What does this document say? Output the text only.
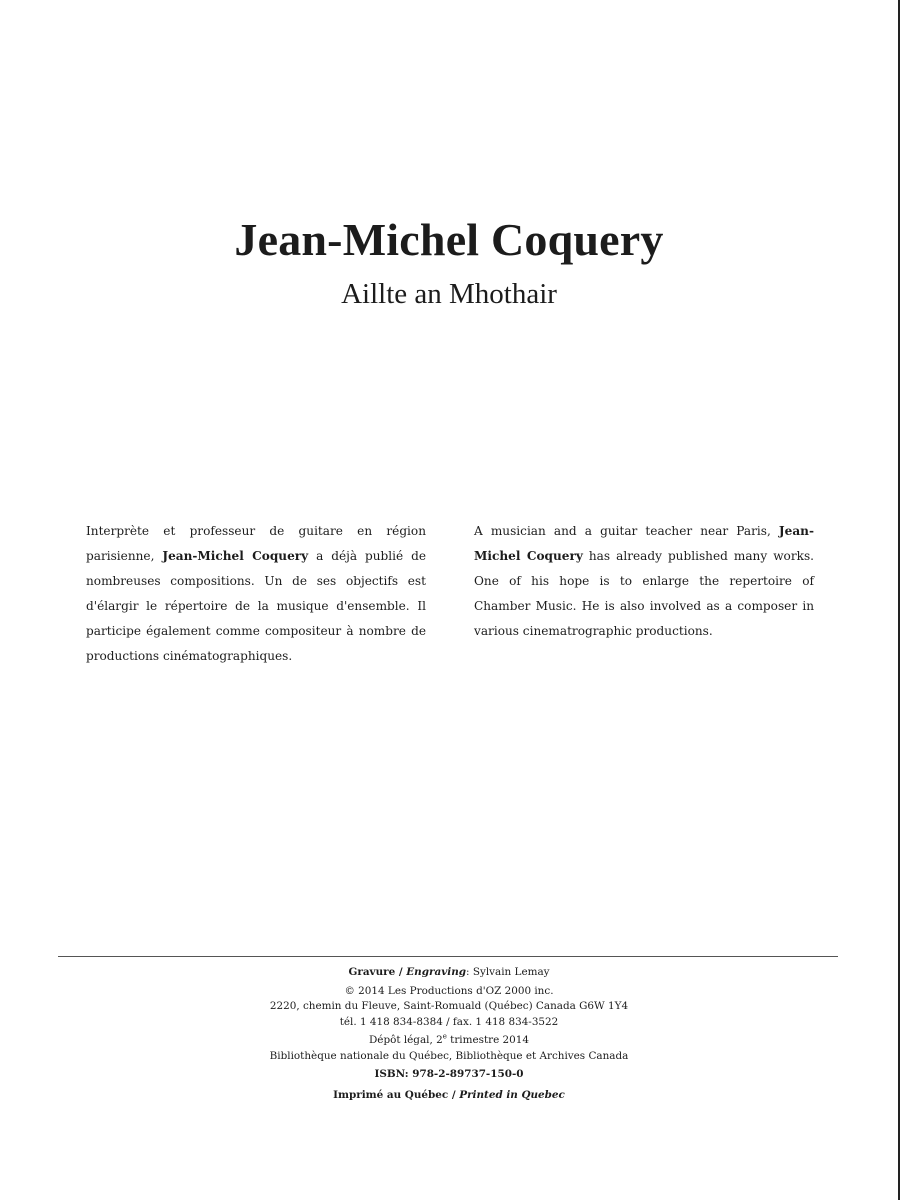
Jean-Michel Coquery
Aillte an Mhothair
Interprète et professeur de guitare en région parisienne, Jean-Michel Coquery a déjà publié de nombreuses compositions. Un de ses objectifs est d'élargir le répertoire de la musique d'ensemble. Il participe également comme compositeur à nombre de productions cinématographiques.
A musician and a guitar teacher near Paris, Jean-Michel Coquery has already published many works. One of his hope is to enlarge the repertoire of Chamber Music. He is also involved as a composer in various cinematrographic productions.
Gravure / Engraving: Sylvain Lemay
© 2014 Les Productions d'OZ 2000 inc.
2220, chemin du Fleuve, Saint-Romuald (Québec) Canada G6W 1Y4
tél. 1 418 834-8384 / fax. 1 418 834-3522
Dépôt légal, 2e trimestre 2014
Bibliothèque nationale du Québec, Bibliothèque et Archives Canada
ISBN: 978-2-89737-150-0
Imprimé au Québec / Printed in Quebec
